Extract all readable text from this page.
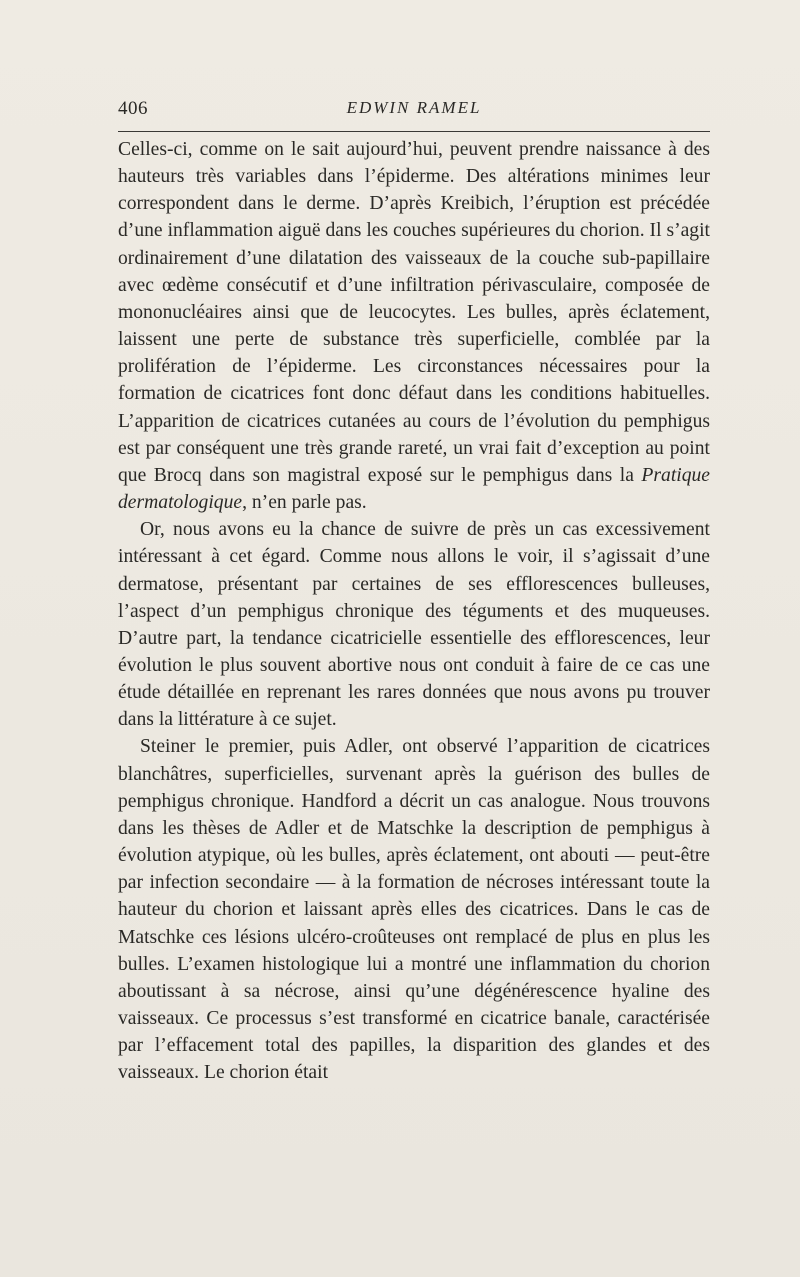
406	EDWIN RAMEL

Celles-ci, comme on le sait aujourd’hui, peuvent prendre naissance à des hauteurs très variables dans l’épiderme. Des altérations minimes leur correspondent dans le derme. D’après Kreibich, l’éruption est précédée d’une inflammation aiguë dans les couches supérieures du chorion. Il s’agit ordinairement d’une dilatation des vaisseaux de la couche sub-papillaire avec œdème consécutif et d’une infiltration périvasculaire, composée de mononucléaires ainsi que de leucocytes. Les bulles, après éclatement, laissent une perte de substance très superficielle, comblée par la prolifération de l’épiderme. Les circonstances nécessaires pour la formation de cicatrices font donc défaut dans les conditions habituelles. L’apparition de cicatrices cutanées au cours de l’évolution du pemphigus est par conséquent une très grande rareté, un vrai fait d’exception au point que Brocq dans son magistral exposé sur le pemphigus dans la Pratique dermatologique, n’en parle pas.

Or, nous avons eu la chance de suivre de près un cas excessivement intéressant à cet égard. Comme nous allons le voir, il s’agissait d’une dermatose, présentant par certaines de ses efflorescences bulleuses, l’aspect d’un pemphigus chronique des téguments et des muqueuses. D’autre part, la tendance cicatricielle essentielle des efflorescences, leur évolution le plus souvent abortive nous ont conduit à faire de ce cas une étude détaillée en reprenant les rares données que nous avons pu trouver dans la littérature à ce sujet.

Steiner le premier, puis Adler, ont observé l’apparition de cicatrices blanchâtres, superficielles, survenant après la guérison des bulles de pemphigus chronique. Handford a décrit un cas analogue. Nous trouvons dans les thèses de Adler et de Matschke la description de pemphigus à évolution atypique, où les bulles, après éclatement, ont abouti — peut-être par infection secondaire — à la formation de nécroses intéressant toute la hauteur du chorion et laissant après elles des cicatrices. Dans le cas de Matschke ces lésions ulcéro-croûteuses ont remplacé de plus en plus les bulles. L’examen histologique lui a montré une inflammation du chorion aboutissant à sa nécrose, ainsi qu’une dégénérescence hyaline des vaisseaux. Ce processus s’est transformé en cicatrice banale, caractérisée par l’effacement total des papilles, la disparition des glandes et des vaisseaux. Le chorion était
